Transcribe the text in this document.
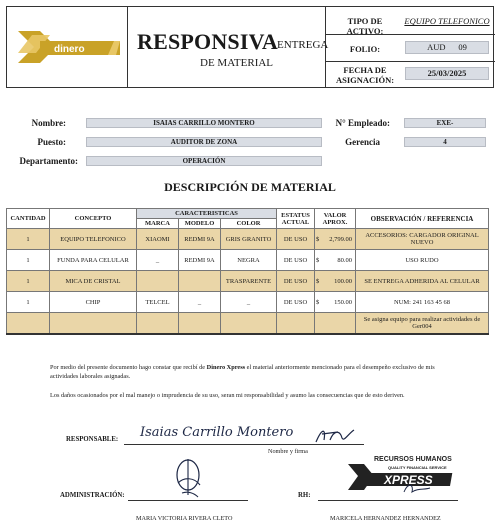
dinero RESPONSIVA ENTREGA
DE MATERIAL
TIPO DE ACTIVO:
EQUIPO TELEFONICO
FOLIO:	AUD 09
FECHA DE ASIGNACIÓN:
25/03/2025
Nombre:	ISAIAS CARRILLO MONTERO
Puesto:	AUDITOR DE ZONA
Departamento:	OPERACIÓN
N° Empleado:	EXE-
Gerencia	4
DESCRIPCIÓN DE MATERIAL
CANTIDAD	CONCEPTO	CARACTERISTICAS			ESTATUS ACTUAL	VALOR APROX.		OBSERVACIÓN / REFERENCIA
		MARCA	MODELO	COLOR				
1	EQUIPO TELEFONICO	XIAOMI	REDMI 9A	GRIS GRANITO	DE USO	$	2,799.00	ACCESORIOS: CARGADOR ORIGINAL NUEVO
1	FUNDA PARA CELULAR	_	REDMI 9A	NEGRA	DE USO	$	80.00	USO RUDO
1	MICA DE CRISTAL			TRASPARENTE	DE USO	$	100.00	SE ENTREGA ADHERIDA AL CELULAR
1	CHIP	TELCEL	_	_	DE USO	$	150.00	NUM: 241 163 45 68
								Se asigna equipo para realizar actividades de Ger004
Por medio del presente documento hago constar que recibí de Dinero Xpress el material anteriormente mencionado para el desempeño exclusivo de mis actividades laborales asignadas.
Los daños ocasionados por el mal manejo o imprudencia de su uso, seran mi responsabilidad y asumo las consecuencias que de esto deriven.
RESPONSABLE: Isaias Carrillo Montero
Nombre y firma
ADMINISTRACIÓN:	RH:
XPRESS
RECURSOS HUMANOS
QUALITY FINANCIAL SERVICE
MARIA VICTORIA RIVERA CLETO	MARICELA HERNANDEZ HERNANDEZ
